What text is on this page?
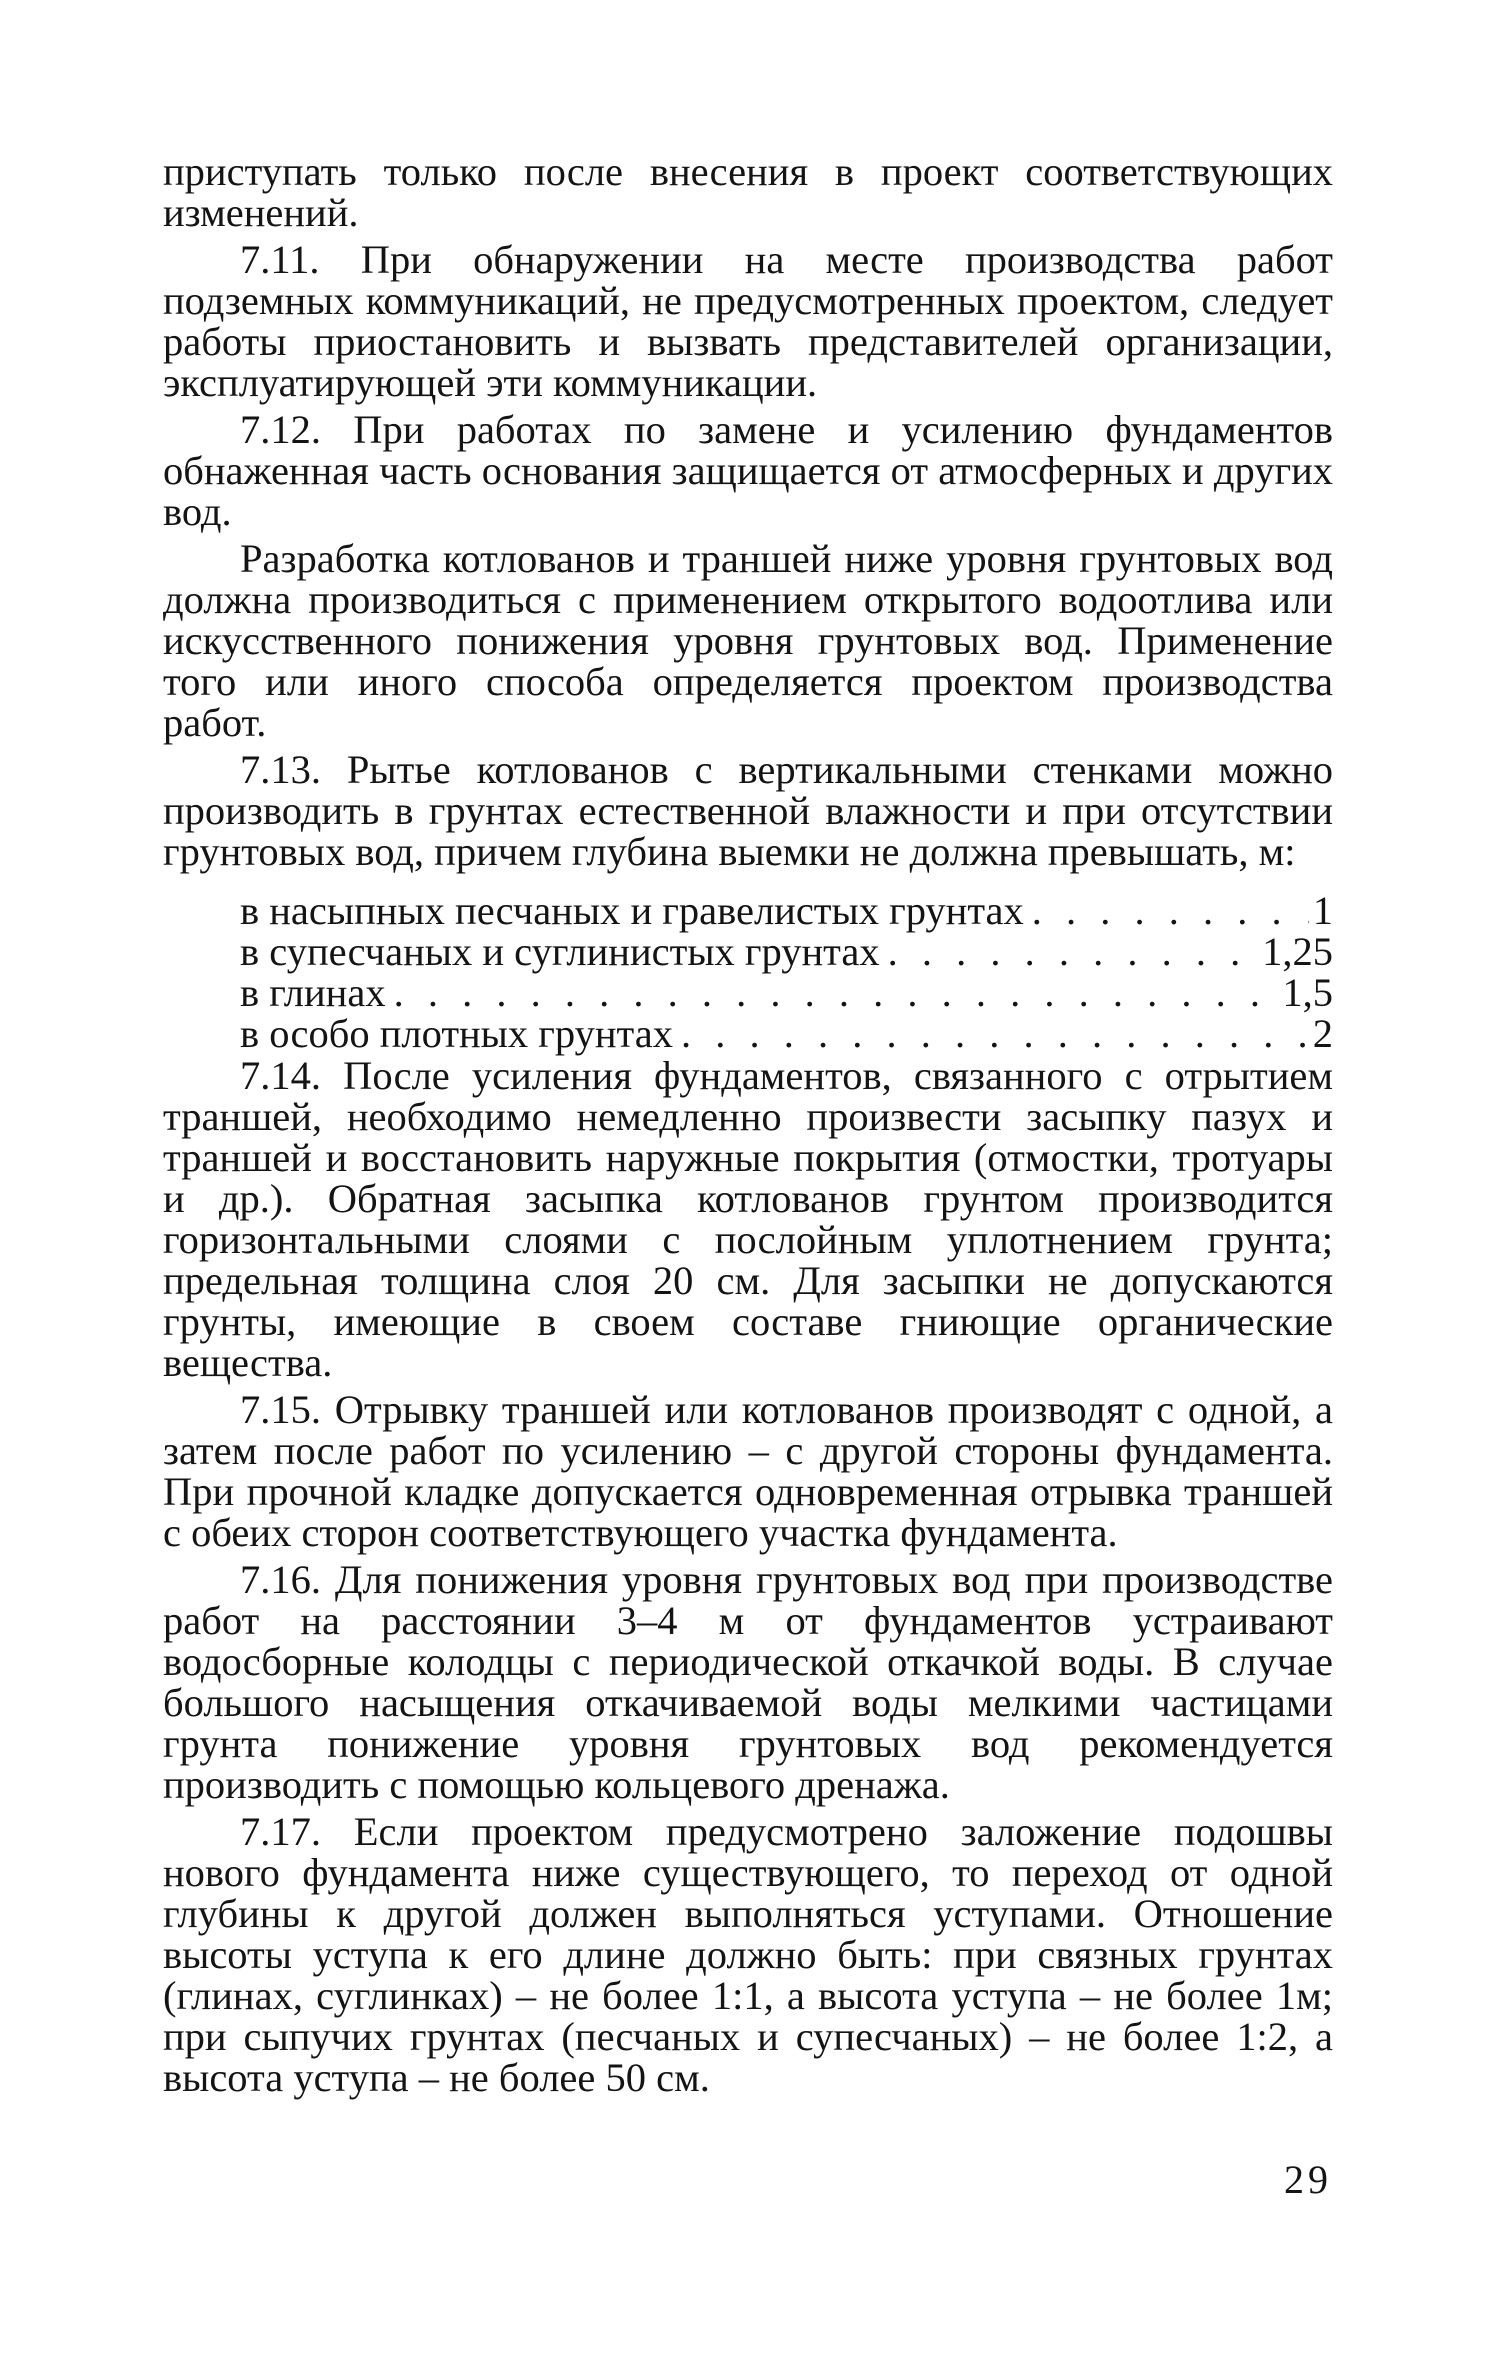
приступать только после внесения в проект соответствующих изменений.

7.11. При обнаружении на месте производства работ подземных коммуникаций, не предусмотренных проектом, следует работы приостановить и вызвать представителей организации, эксплуатирующей эти коммуникации.

7.12. При работах по замене и усилению фундаментов обнаженная часть основания защищается от атмосферных и других вод.

Разработка котлованов и траншей ниже уровня грунтовых вод должна производиться с применением открытого водоотлива или искусственного понижения уровня грунтовых вод. Применение того или иного способа определяется проектом производства работ.

7.13. Рытье котлованов с вертикальными стенками можно производить в грунтах естественной влажности и при отсутствии грунтовых вод, причем глубина выемки не должна превышать, м:

в насыпных песчаных и гравелистых грунтах . . .	1
в супесчаных и суглинистых грунтах . . .	1,25
в глинах . . .	1,5
в особо плотных грунтах . . .	2

7.14. После усиления фундаментов, связанного с отрытием траншей, необходимо немедленно произвести засыпку пазух и траншей и восстановить наружные покрытия (отмостки, тротуары и др.). Обратная засыпка котлованов грунтом производится горизонтальными слоями с послойным уплотнением грунта; предельная толщина слоя 20 см. Для засыпки не допускаются грунты, имеющие в своем составе гниющие органические вещества.

7.15. Отрывку траншей или котлованов производят с одной, а затем после работ по усилению – с другой стороны фундамента. При прочной кладке допускается одновременная отрывка траншей с обеих сторон соответствующего участка фундамента.

7.16. Для понижения уровня грунтовых вод при производстве работ на расстоянии 3–4 м от фундаментов устраивают водосборные колодцы с периодической откачкой воды. В случае большого насыщения откачиваемой воды мелкими частицами грунта понижение уровня грунтовых вод рекомендуется производить с помощью кольцевого дренажа.

7.17. Если проектом предусмотрено заложение подошвы нового фундамента ниже существующего, то переход от одной глубины к другой должен выполняться уступами. Отношение высоты уступа к его длине должно быть: при связных грунтах (глинах, суглинках) – не более 1:1, а высота уступа – не более 1м; при сыпучих грунтах (песчаных и супесчаных) – не более 1:2, а высота уступа – не более 50 см.

29
